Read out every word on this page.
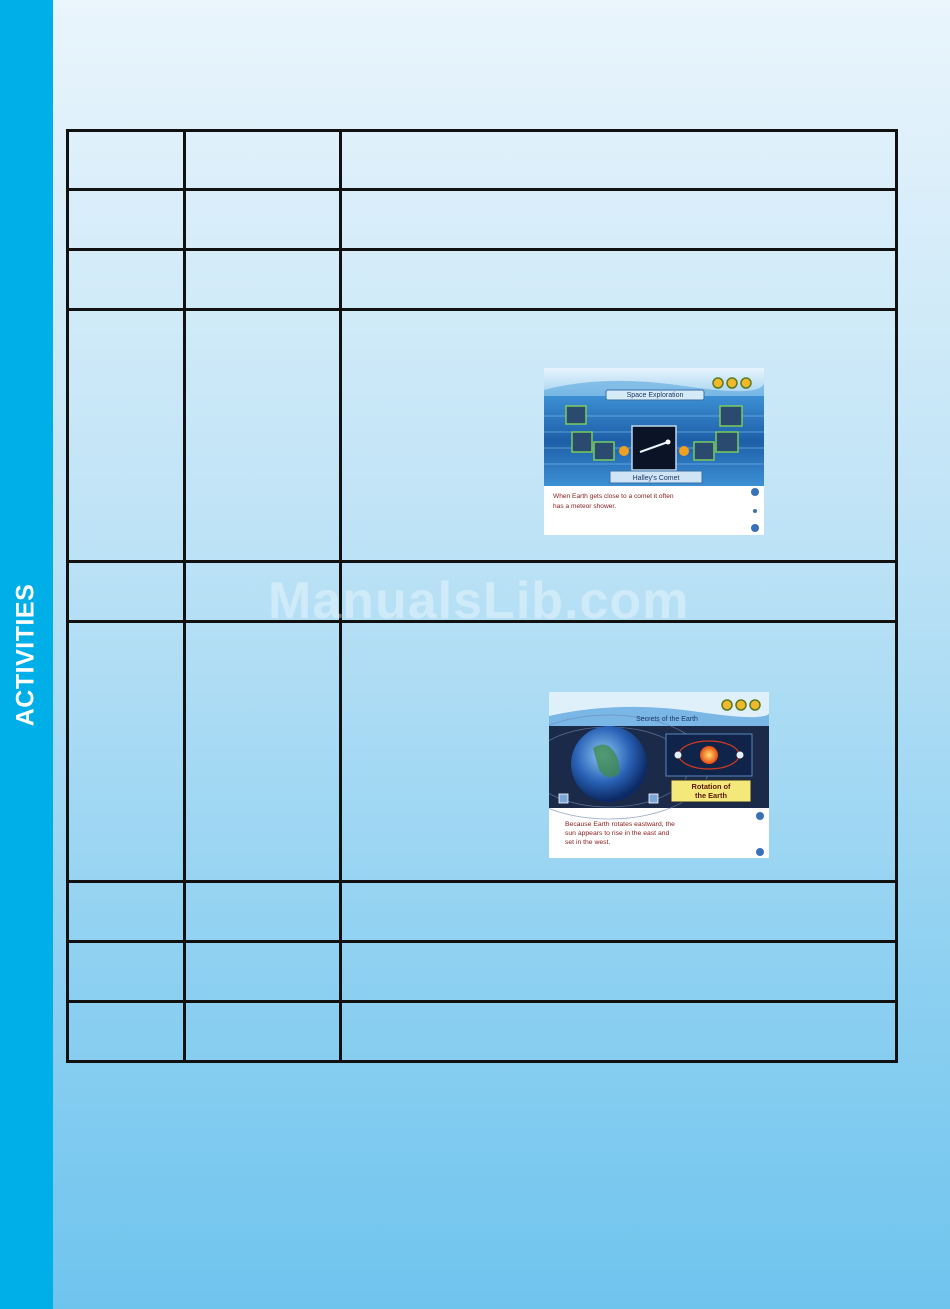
ACTIVITIES
Space Exploration
Halley's Comet
When Earth gets close to a comet it often
has a meteor shower.
Secrets of the Earth
Rotation of
the Earth
Because Earth rotates eastward, the
sun appears to rise in the east and
set in the west.
ManualsLib.com
